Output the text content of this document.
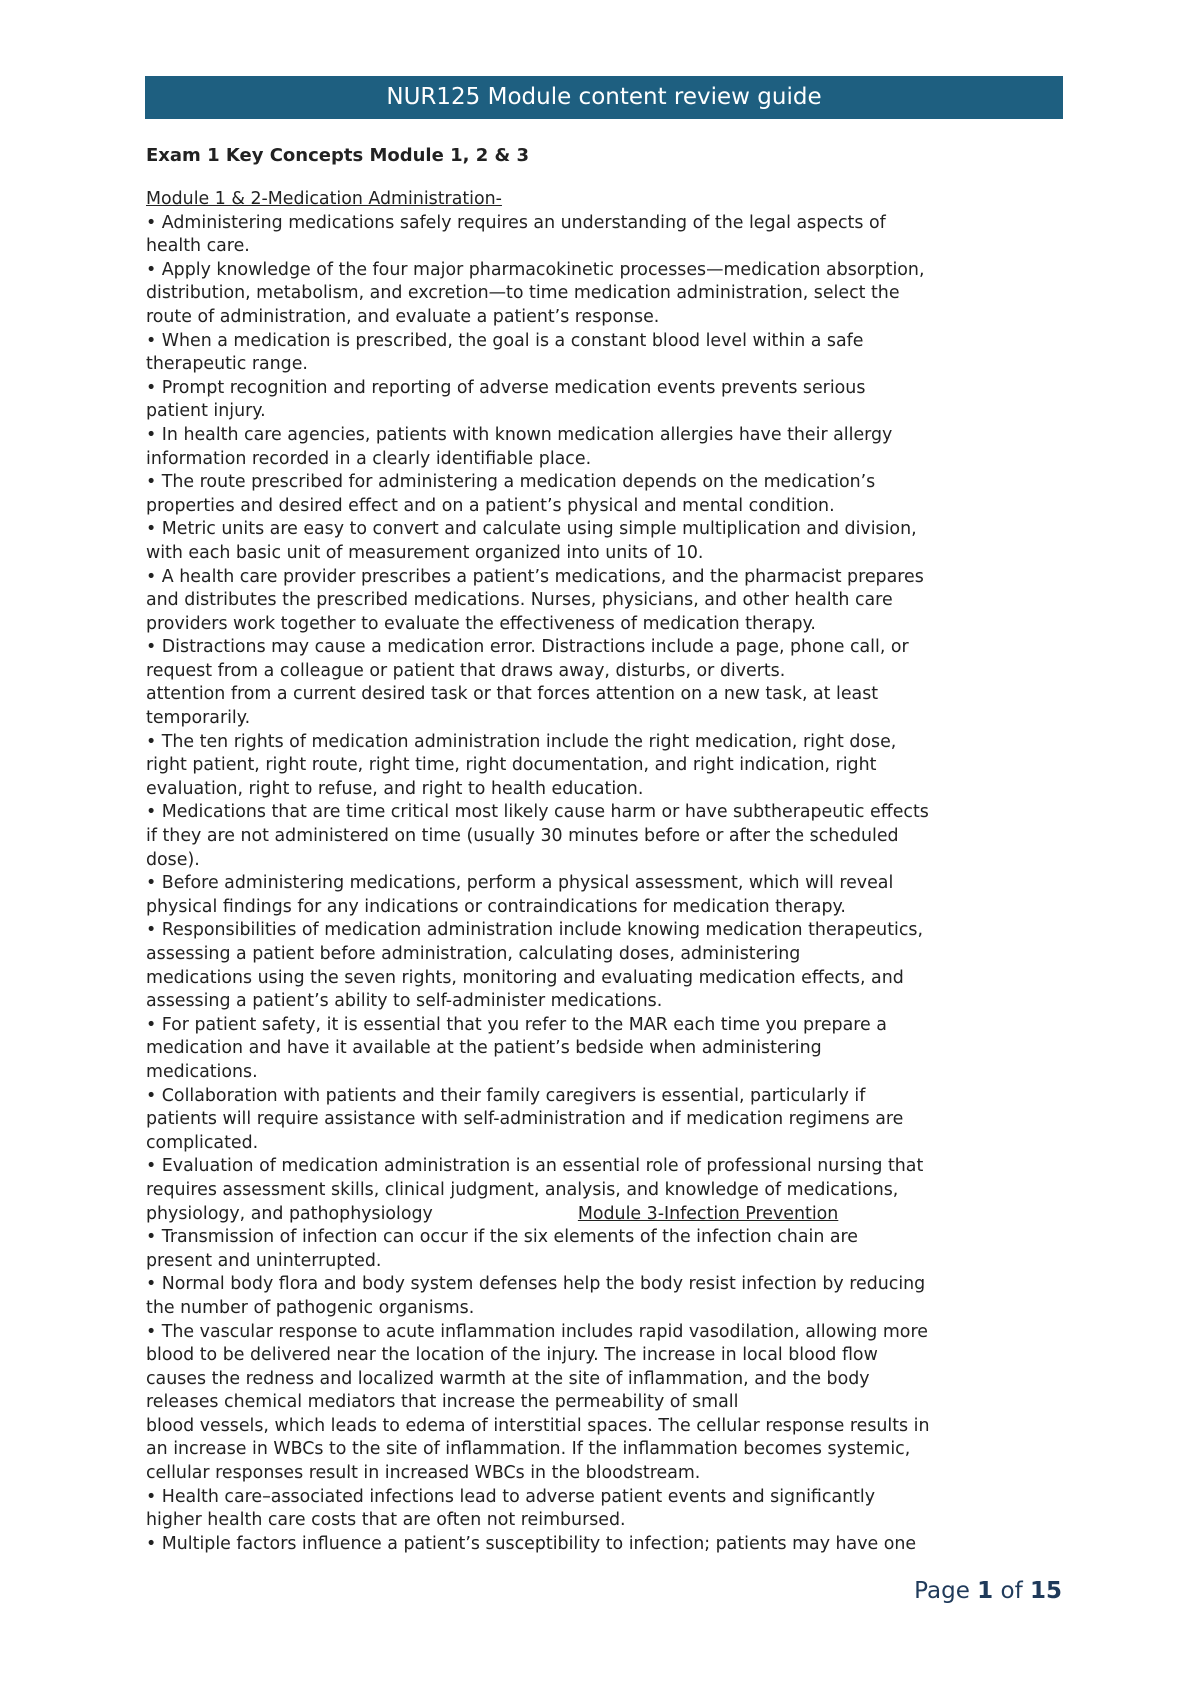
NUR125 Module content review guide
Exam 1 Key Concepts Module 1, 2 & 3
Module 1 & 2-Medication Administration-
• Administering medications safely requires an understanding of the legal aspects of
health care.
• Apply knowledge of the four major pharmacokinetic processes—medication absorption,
distribution, metabolism, and excretion—to time medication administration, select the
route of administration, and evaluate a patient’s response.
• When a medication is prescribed, the goal is a constant blood level within a safe
therapeutic range.
• Prompt recognition and reporting of adverse medication events prevents serious
patient injury.
• In health care agencies, patients with known medication allergies have their allergy
information recorded in a clearly identifiable place.
• The route prescribed for administering a medication depends on the medication’s
properties and desired effect and on a patient’s physical and mental condition.
• Metric units are easy to convert and calculate using simple multiplication and division,
with each basic unit of measurement organized into units of 10.
• A health care provider prescribes a patient’s medications, and the pharmacist prepares
and distributes the prescribed medications. Nurses, physicians, and other health care
providers work together to evaluate the effectiveness of medication therapy.
• Distractions may cause a medication error. Distractions include a page, phone call, or
request from a colleague or patient that draws away, disturbs, or diverts.
attention from a current desired task or that forces attention on a new task, at least
temporarily.
• The ten rights of medication administration include the right medication, right dose,
right patient, right route, right time, right documentation, and right indication, right
evaluation, right to refuse, and right to health education.
• Medications that are time critical most likely cause harm or have subtherapeutic effects
if they are not administered on time (usually 30 minutes before or after the scheduled
dose).
• Before administering medications, perform a physical assessment, which will reveal
physical findings for any indications or contraindications for medication therapy.
• Responsibilities of medication administration include knowing medication therapeutics,
assessing a patient before administration, calculating doses, administering
medications using the seven rights, monitoring and evaluating medication effects, and
assessing a patient’s ability to self-administer medications.
• For patient safety, it is essential that you refer to the MAR each time you prepare a
medication and have it available at the patient’s bedside when administering
medications.
• Collaboration with patients and their family caregivers is essential, particularly if
patients will require assistance with self-administration and if medication regimens are
complicated.
• Evaluation of medication administration is an essential role of professional nursing that
requires assessment skills, clinical judgment, analysis, and knowledge of medications,
physiology, and pathophysiology	Module 3-Infection Prevention
• Transmission of infection can occur if the six elements of the infection chain are
present and uninterrupted.
• Normal body flora and body system defenses help the body resist infection by reducing
the number of pathogenic organisms.
• The vascular response to acute inflammation includes rapid vasodilation, allowing more
blood to be delivered near the location of the injury. The increase in local blood flow
causes the redness and localized warmth at the site of inflammation, and the body
releases chemical mediators that increase the permeability of small
blood vessels, which leads to edema of interstitial spaces. The cellular response results in
an increase in WBCs to the site of inflammation. If the inflammation becomes systemic,
cellular responses result in increased WBCs in the bloodstream.
• Health care–associated infections lead to adverse patient events and significantly
higher health care costs that are often not reimbursed.
• Multiple factors influence a patient’s susceptibility to infection; patients may have one
Page 1 of 15
